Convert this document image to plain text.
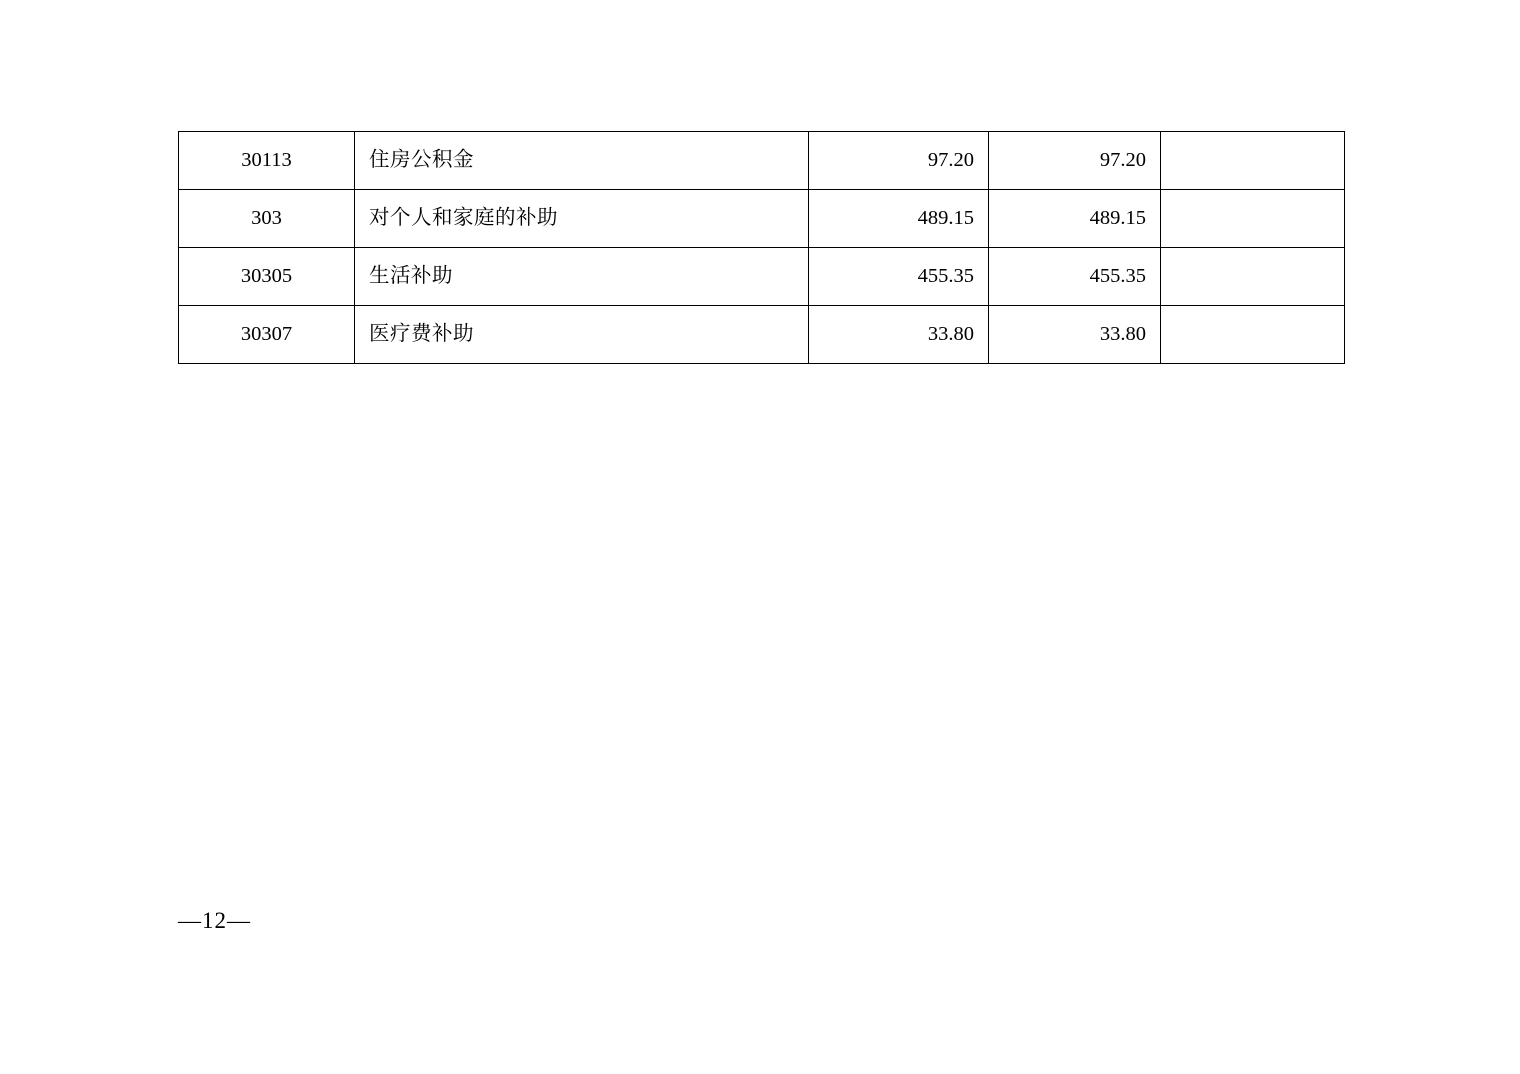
30113	住房公积金	97.20	97.20	
303	对个人和家庭的补助	489.15	489.15	
30305	生活补助	455.35	455.35	
30307	医疗费补助	33.80	33.80	
—12—
